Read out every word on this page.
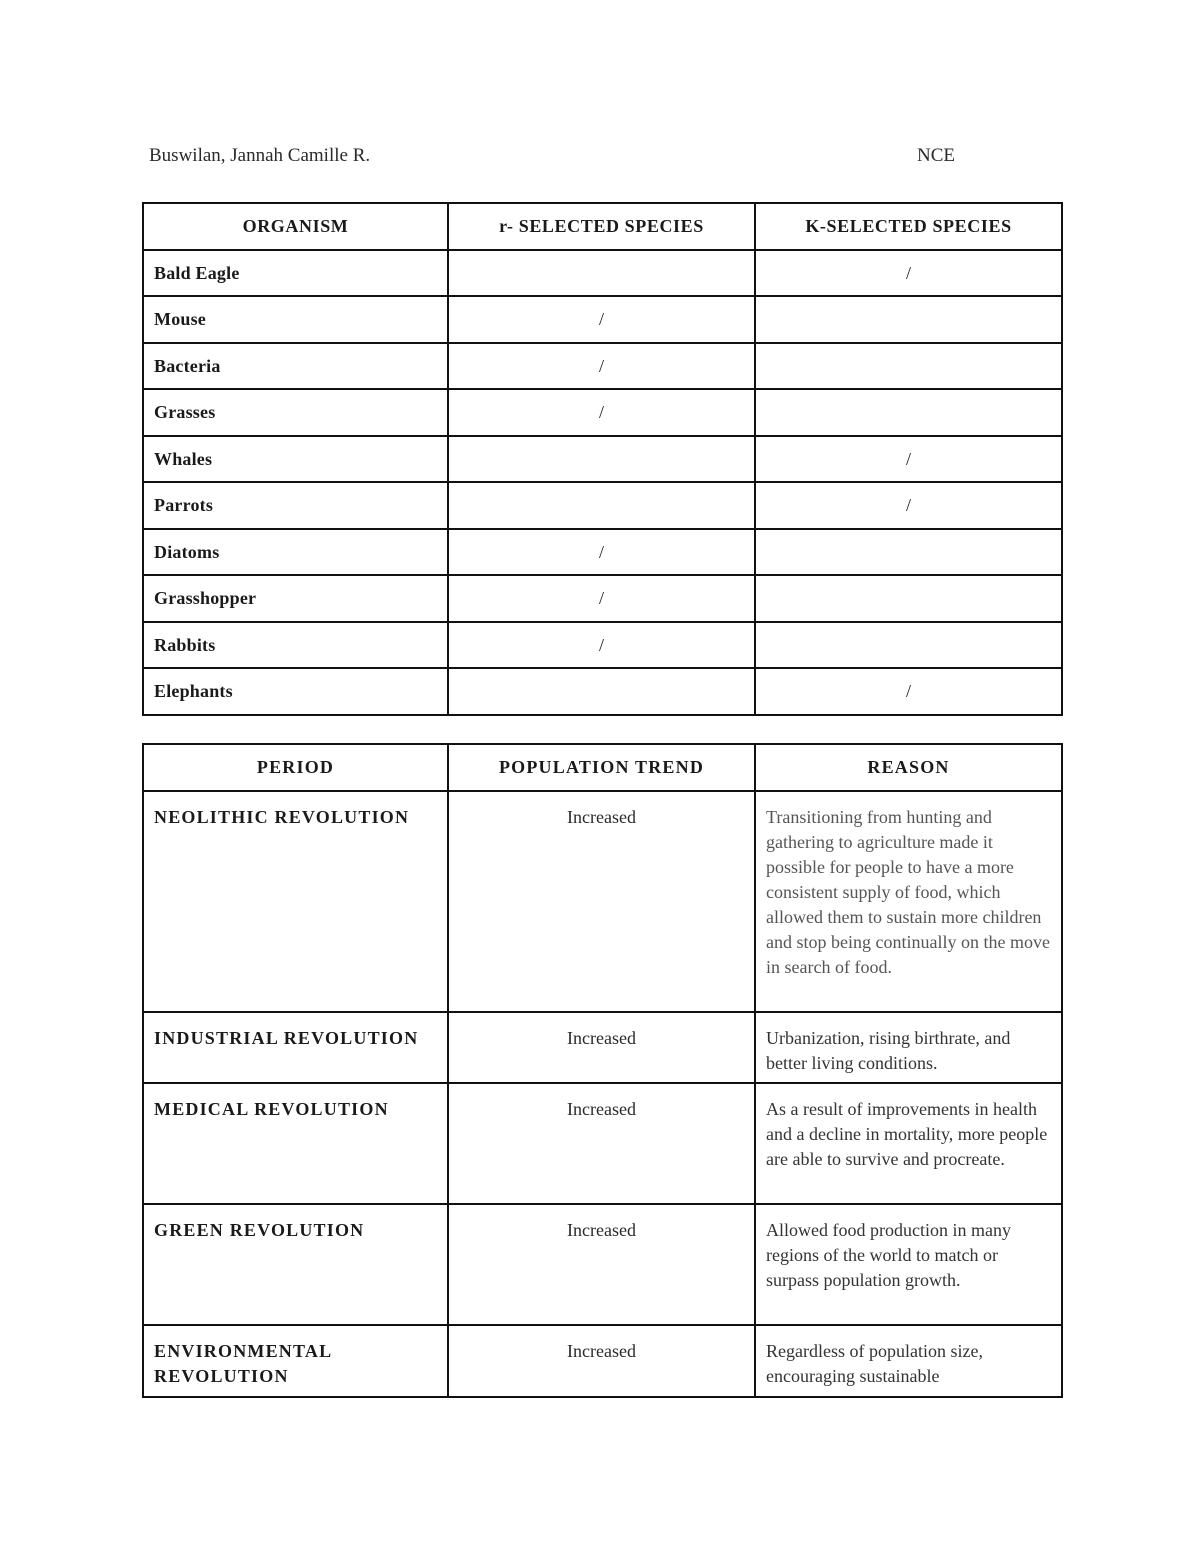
Buswilan, Jannah Camille R.	NCE
ORGANISM	r- SELECTED SPECIES	K-SELECTED SPECIES
Bald Eagle		/
Mouse	/	
Bacteria	/	
Grasses	/	
Whales		/
Parrots		/
Diatoms	/	
Grasshopper	/	
Rabbits	/	
Elephants		/
PERIOD	POPULATION TREND	REASON
NEOLITHIC REVOLUTION	Increased	Transitioning from hunting and gathering to agriculture made it possible for people to have a more consistent supply of food, which allowed them to sustain more children and stop being continually on the move in search of food.
INDUSTRIAL REVOLUTION	Increased	Urbanization, rising birthrate, and better living conditions.
MEDICAL REVOLUTION	Increased	As a result of improvements in health and a decline in mortality, more people are able to survive and procreate.
GREEN REVOLUTION	Increased	Allowed food production in many regions of the world to match or surpass population growth.
ENVIRONMENTAL REVOLUTION	Increased	Regardless of population size, encouraging sustainable
